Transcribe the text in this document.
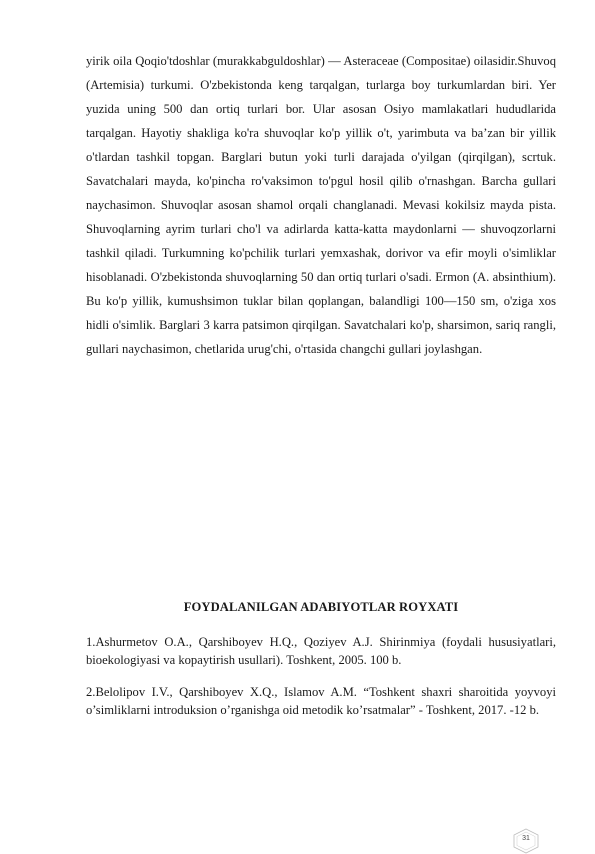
yirik oila Qoqio'tdoshlar (murakkabguldoshlar) — Asteraceae (Compositae) oilasidir.Shuvoq (Artemisia) turkumi. O'zbekistonda keng tarqalgan, turlarga boy turkumlardan biri. Yer yuzida uning 500 dan ortiq turlari bor. Ular asosan Osiyo mamlakatlari hududlarida tarqalgan. Hayotiy shakliga ko'ra shuvoqlar ko'p yillik o't, yarimbuta va ba’zan bir yillik o'tlardan tashkil topgan. Barglari butun yoki turli darajada o'yilgan (qirqilgan), scrtuk. Savatchalari mayda, ko'pincha ro'vaksimon to'pgul hosil qilib o'rnashgan. Barcha gullari naychasimon. Shuvoqlar asosan shamol orqali changlanadi. Mevasi kokilsiz mayda pista. Shuvoqlarning ayrim turlari cho'l va adirlarda katta-katta maydonlarni — shuvoqzorlarni tashkil qiladi. Turkumning ko'pchilik turlari yemxashak, dorivor va efir moyli o'simliklar hisoblanadi. O'zbekistonda shuvoqlarning 50 dan ortiq turlari o'sadi. Ermon (A. absinthium). Bu ko'p yillik, kumushsimon tuklar bilan qoplangan, balandligi 100—150 sm, o'ziga xos hidli o'simlik. Barglari 3 karra patsimon qirqilgan. Savatchalari ko'p, sharsimon, sariq rangli, gullari naychasimon, chetlarida urug'chi, o'rtasida changchi gullari joylashgan.

FOYDALANILGAN ADABIYOTLAR ROYXATI

1.Ashurmetov O.A., Qarshiboyev H.Q., Qoziyev A.J. Shirinmiya (foydali hususiyatlari, bioekologiyasi va kopaytirish usullari). Toshkent, 2005. 100 b.

2.Belolipov I.V., Qarshiboyev X.Q., Islamov A.M. “Toshkent shaxri sharoitida yoyvoyi o’simliklarni introduksion o’rganishga oid metodik ko’rsatmalar” - Toshkent, 2017. -12 b.

31
